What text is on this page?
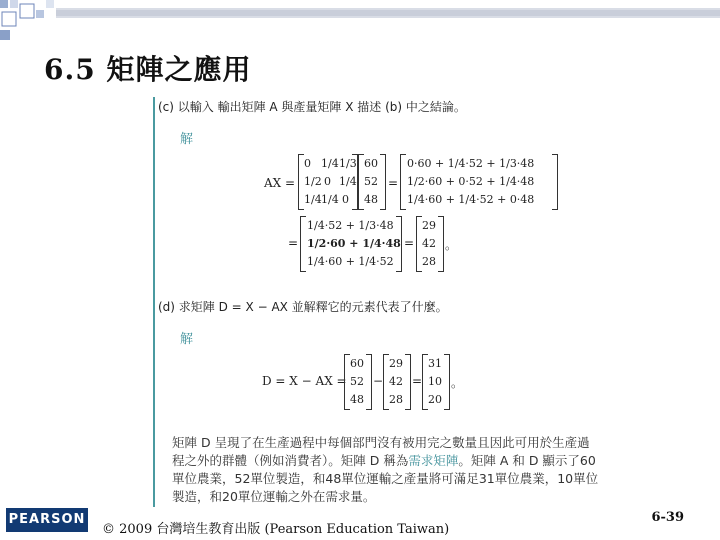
6.5 矩陣之應用
(c) 以輸入 輸出矩陣 A 與產量矩陣 X 描述 (b) 中之結論。
解
AX =
0 1/4 1/3
1/2 0 1/4
1/4 1/4 0
60
52
48
=
0·60 + 1/4·52 + 1/3·48
1/2·60 + 0·52 + 1/4·48
1/4·60 + 1/4·52 + 0·48
=
1/4·52 + 1/3·48
1/2·60 + 1/4·48
1/4·60 + 1/4·52
=
29
42
28
。
(d) 求矩陣 D = X − AX 並解釋它的元素代表了什麼。
解
D = X − AX =
60
52
48
−
29
42
28
=
31
10
20
。
矩陣 D 呈現了在生產過程中每個部門沒有被用完之數量且因此可用於生產過程之外的群體（例如消費者）。矩陣 D 稱為需求矩陣。矩陣 A 和 D 顯示了60單位農業，52單位製造，和48單位運輸之產量將可滿足31單位農業，10單位製造，和20單位運輸之外在需求量。
PEARSON
© 2009 台灣培生教育出版 (Pearson Education Taiwan)
6-39
